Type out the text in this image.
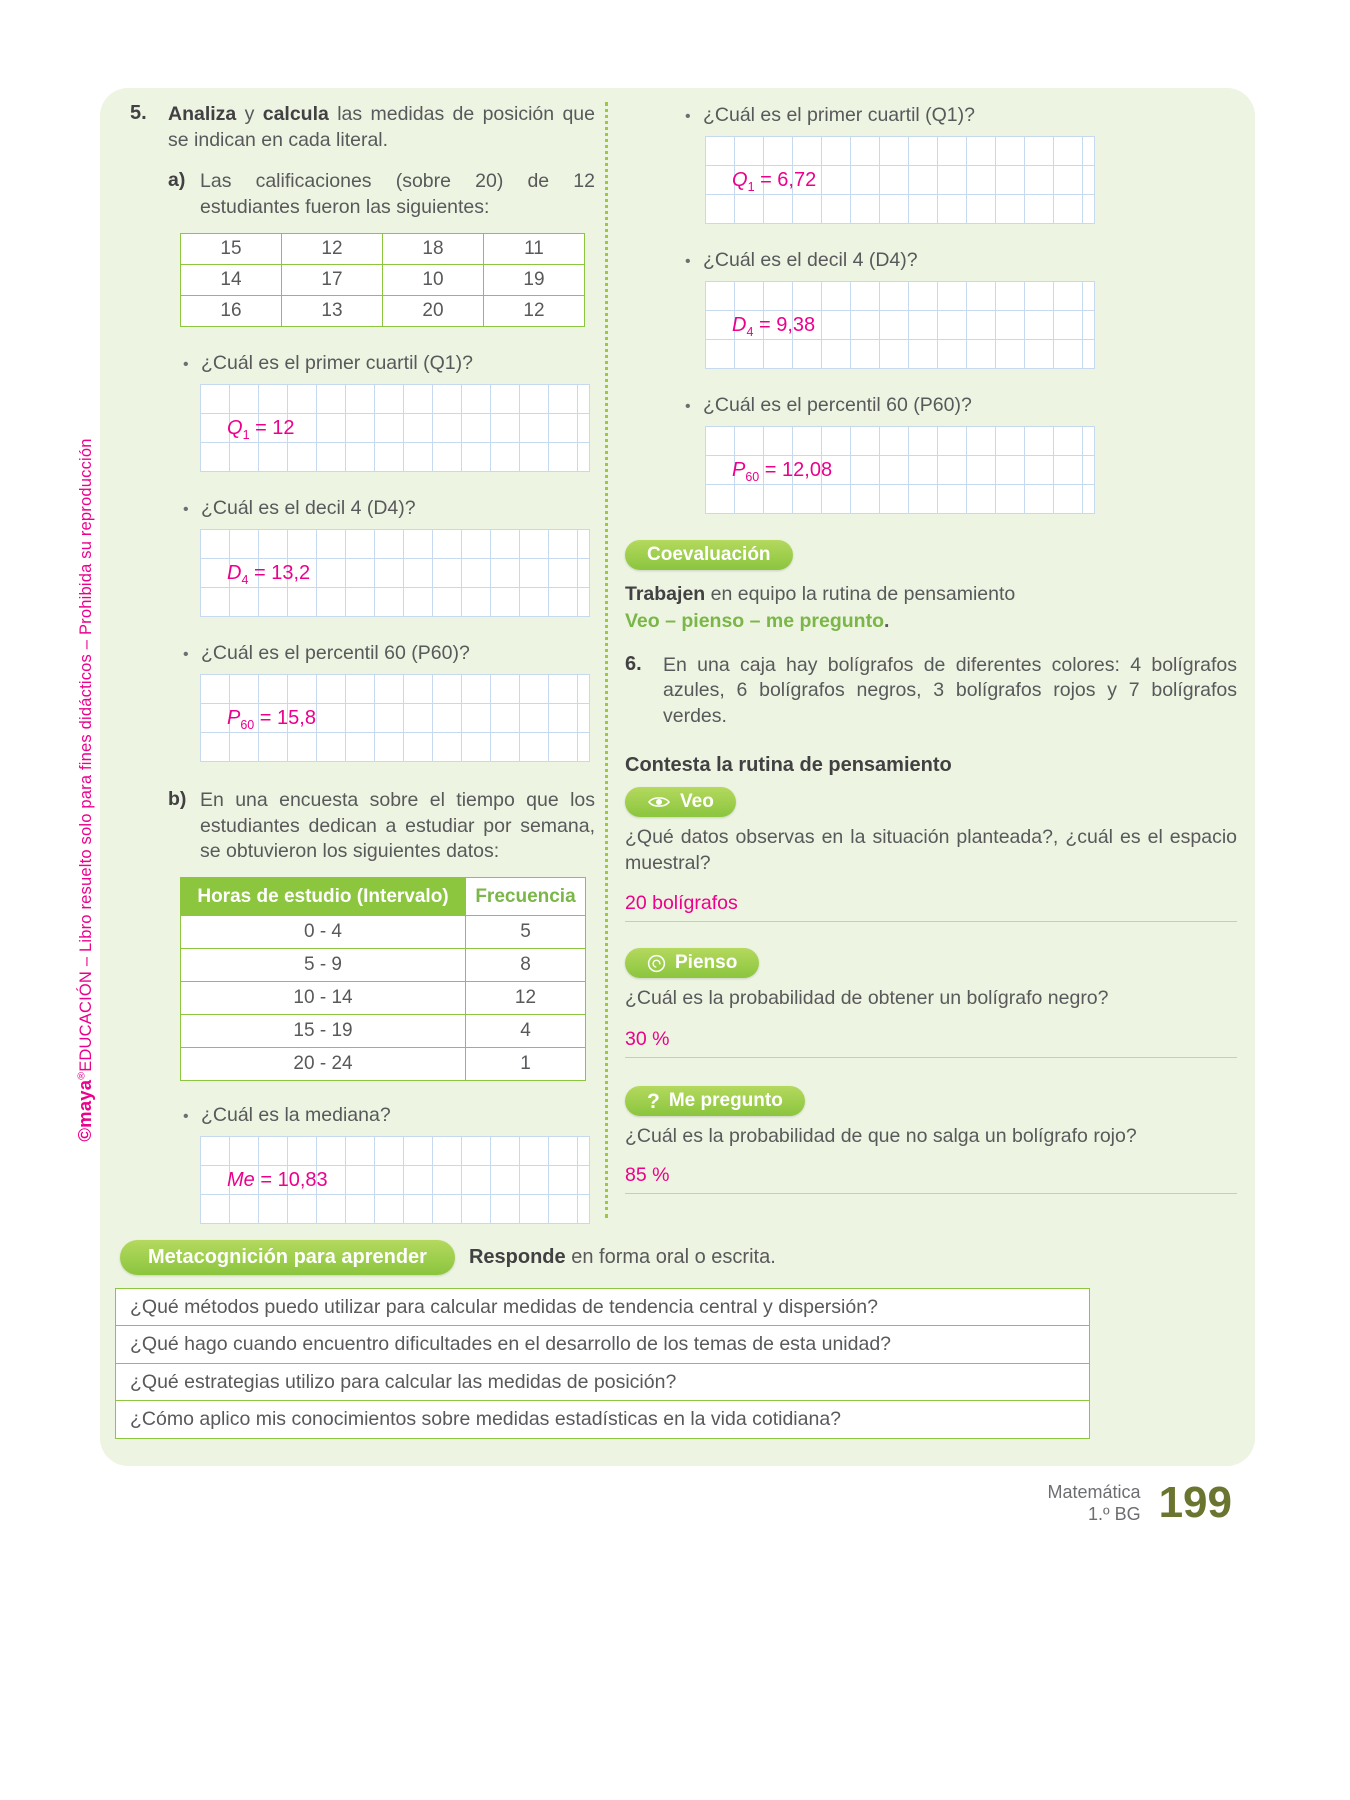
©maya®EDUCACIÓN – Libro resuelto solo para fines didácticos – Prohibida su reproducción
5.	Analiza y calcula las medidas de posición que se indican en cada literal.

a) Las calificaciones (sobre 20) de 12 estudiantes fueron las siguientes:

15	12	18	11
14	17	10	19
16	13	20	12
• ¿Cuál es el primer cuartil (Q1)?
$Q_1 = 12$
• ¿Cuál es el decil 4 (D4)?
$D_4 = 13,2$
• ¿Cuál es el percentil 60 (P60)?
$P_{60} = 15,8$
b) En una encuesta sobre el tiempo que los estudiantes dedican a estudiar por semana, se obtuvieron los siguientes datos:

Horas de estudio (Intervalo)	Frecuencia
0 - 4	5
5 - 9	8
10 - 14	12
15 - 19	4
20 - 24	1
• ¿Cuál es la mediana?
Me = 10,83
• ¿Cuál es el primer cuartil (Q1)?
$Q_1 = 6,72$
• ¿Cuál es el decil 4 (D4)?
$D_4 = 9,38$
• ¿Cuál es el percentil 60 (P60)?
$P_{60} = 12,08$
Coevaluación

Trabajen en equipo la rutina de pensamiento

Veo – pienso – me pregunto.
6.	En una caja hay bolígrafos de diferentes colores: 4 bolígrafos azules, 6 bolígrafos negros, 3 bolígrafos rojos y 7 bolígrafos verdes.

Contesta la rutina de pensamiento
Veo

¿Qué datos observas en la situación planteada?, ¿cuál es el espacio muestral?

20 bolígrafos
Pienso

¿Cuál es la probabilidad de obtener un bolígrafo negro?

30 %
? Me pregunto

¿Cuál es la probabilidad de que no salga un bolígrafo rojo?

85 %
Metacognición para aprender Responde en forma oral o escrita.
¿Qué métodos puedo utilizar para calcular medidas de tendencia central y dispersión?
¿Qué hago cuando encuentro dificultades en el desarrollo de los temas de esta unidad?
¿Qué estrategias utilizo para calcular las medidas de posición?
¿Cómo aplico mis conocimientos sobre medidas estadísticas en la vida cotidiana?
Matemática
1.º BG 199
